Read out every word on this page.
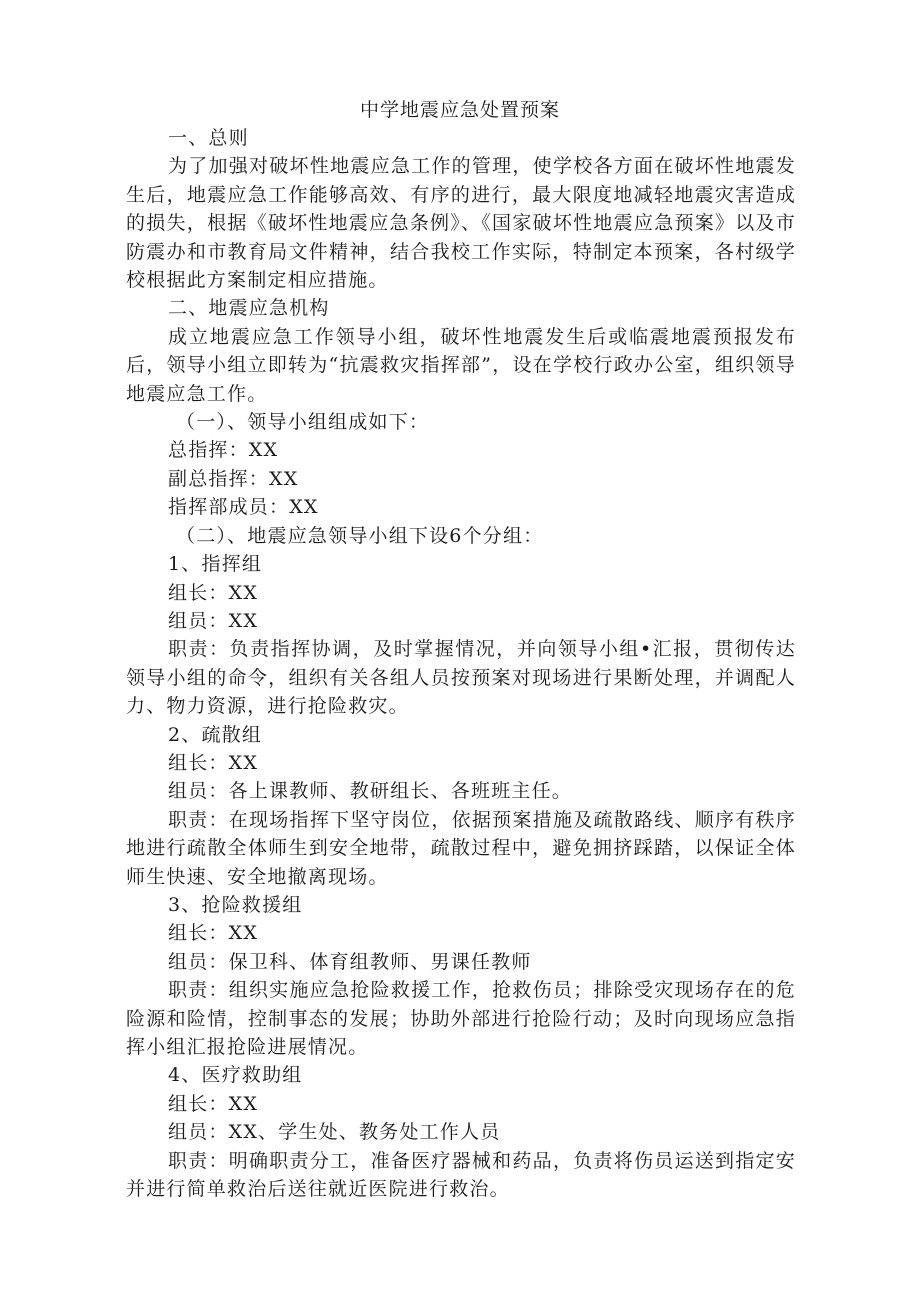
中学地震应急处置预案

一、总则

为了加强对破坏性地震应急工作的管理，使学校各方面在破坏性地震发生后，地震应急工作能够高效、有序的进行，最大限度地减轻地震灾害造成的损失，根据《破坏性地震应急条例》、《国家破坏性地震应急预案》以及市防震办和市教育局文件精神，结合我校工作实际，特制定本预案，各村级学校根据此方案制定相应措施。

二、地震应急机构

成立地震应急工作领导小组，破坏性地震发生后或临震地震预报发布后，领导小组立即转为“抗震救灾指挥部”，设在学校行政办公室，组织领导地震应急工作。

（一）、领导小组组成如下：

总指挥：XX

副总指挥：XX

指挥部成员：XX

（二）、地震应急领导小组下设6个分组：

1、指挥组

组长：XX

组员：XX

职责：负责指挥协调，及时掌握情况，并向领导小组•汇报，贯彻传达领导小组的命令，组织有关各组人员按预案对现场进行果断处理，并调配人力、物力资源，进行抢险救灾。

2、疏散组

组长：XX

组员：各上课教师、教研组长、各班班主任。

职责：在现场指挥下坚守岗位，依据预案措施及疏散路线、顺序有秩序地进行疏散全体师生到安全地带，疏散过程中，避免拥挤踩踏，以保证全体师生快速、安全地撤离现场。

3、抢险救援组

组长：XX

组员：保卫科、体育组教师、男课任教师

职责：组织实施应急抢险救援工作，抢救伤员；排除受灾现场存在的危险源和险情，控制事态的发展；协助外部进行抢险行动；及时向现场应急指挥小组汇报抢险进展情况。

4、医疗救助组

组长：XX

组员：XX、学生处、教务处工作人员

职责：明确职责分工，准备医疗器械和药品，负责将伤员运送到指定安并进行简单救治后送往就近医院进行救治。
